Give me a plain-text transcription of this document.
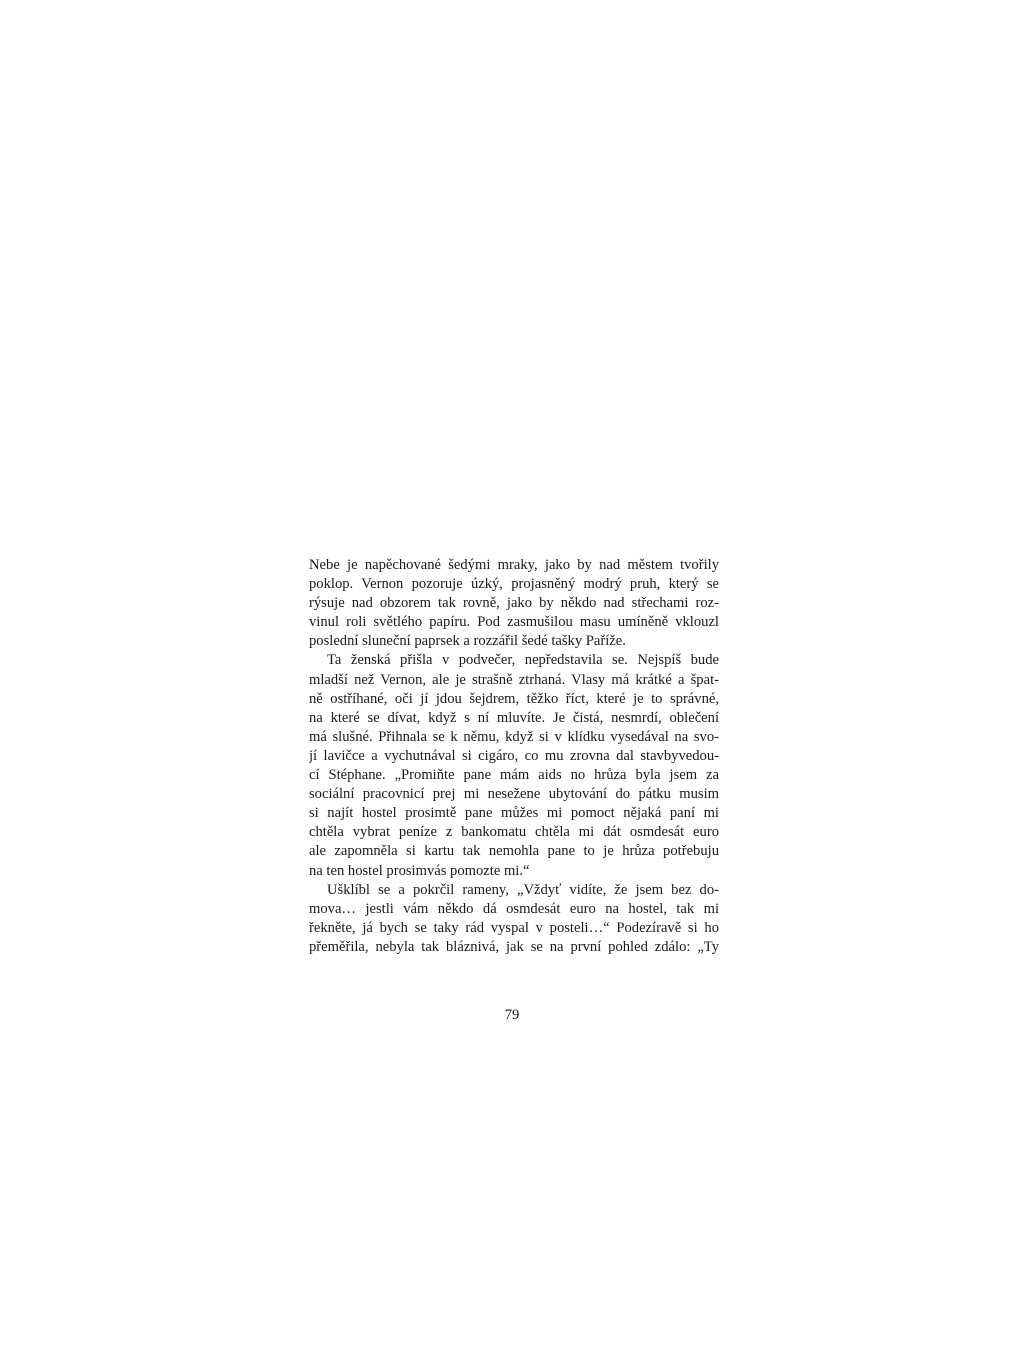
Nebe je napěchované šedými mraky, jako by nad městem tvořily
poklop. Vernon pozoruje úzký, projasněný modrý pruh, který se
rýsuje nad obzorem tak rovně, jako by někdo nad střechami roz-
vinul roli světlého papíru. Pod zasmušilou masu umíněně vklouzl
poslední sluneční paprsek a rozzářil šedé tašky Paříže.
Ta ženská přišla v podvečer, nepředstavila se. Nejspíš bude
mladší než Vernon, ale je strašně ztrhaná. Vlasy má krátké a špat-
ně ostříhané, oči jí jdou šejdrem, těžko říct, které je to správné,
na které se dívat, když s ní mluvíte. Je čistá, nesmrdí, oblečení
má slušné. Přihnala se k němu, když si v klídku vysedával na svo-
jí lavičce a vychutnával si cigáro, co mu zrovna dal stavbyvedou-
cí Stéphane. „Promiňte pane mám aids no hrůza byla jsem za
sociální pracovnicí prej mi nesežene ubytování do pátku musim
si najít hostel prosimtě pane můžes mi pomoct nějaká paní mi
chtěla vybrat peníze z bankomatu chtěla mi dát osmdesát euro
ale zapomněla si kartu tak nemohla pane to je hrůza potřebuju
na ten hostel prosimvás pomozte mi.“
Ušklíbl se a pokrčil rameny, „Vždyť vidíte, že jsem bez do-
mova… jestli vám někdo dá osmdesát euro na hostel, tak mi
řekněte, já bych se taky rád vyspal v posteli…“ Podezíravě si ho
přeměřila, nebyla tak bláznivá, jak se na první pohled zdálo: „Ty
79
